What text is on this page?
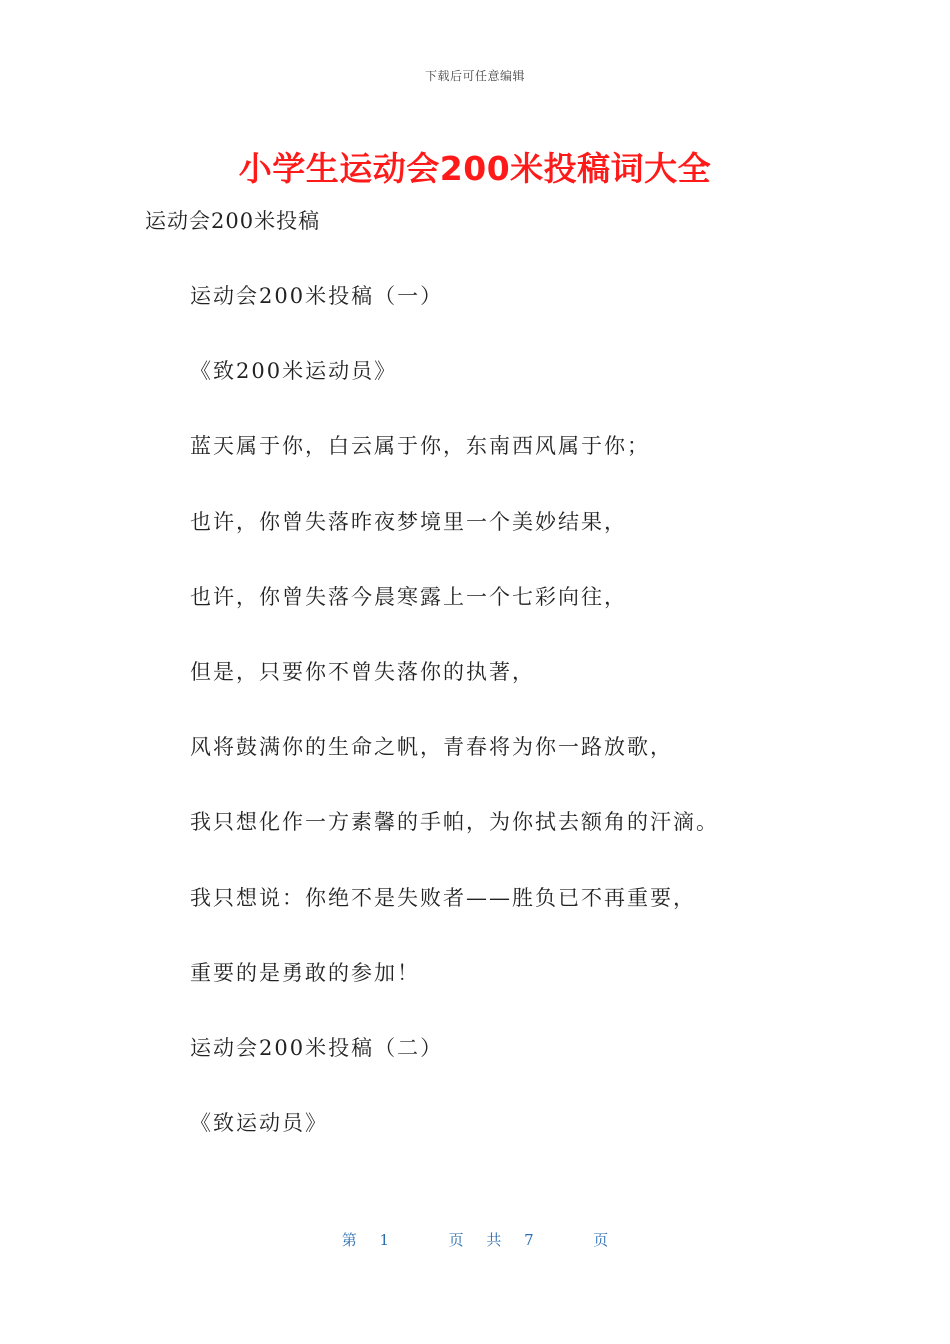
下载后可任意编辑
小学生运动会200米投稿词大全
运动会200米投稿
运动会200米投稿（一）
《致200米运动员》
蓝天属于你，白云属于你，东南西风属于你；
也许，你曾失落昨夜梦境里一个美妙结果，
也许，你曾失落今晨寒露上一个七彩向往，
但是，只要你不曾失落你的执著，
风将鼓满你的生命之帆，青春将为你一路放歌，
我只想化作一方素馨的手帕，为你拭去额角的汗滴。
我只想说：你绝不是失败者——胜负已不再重要，
重要的是勇敢的参加！
运动会200米投稿（二）
《致运动员》
第 1	页 共 7	页
